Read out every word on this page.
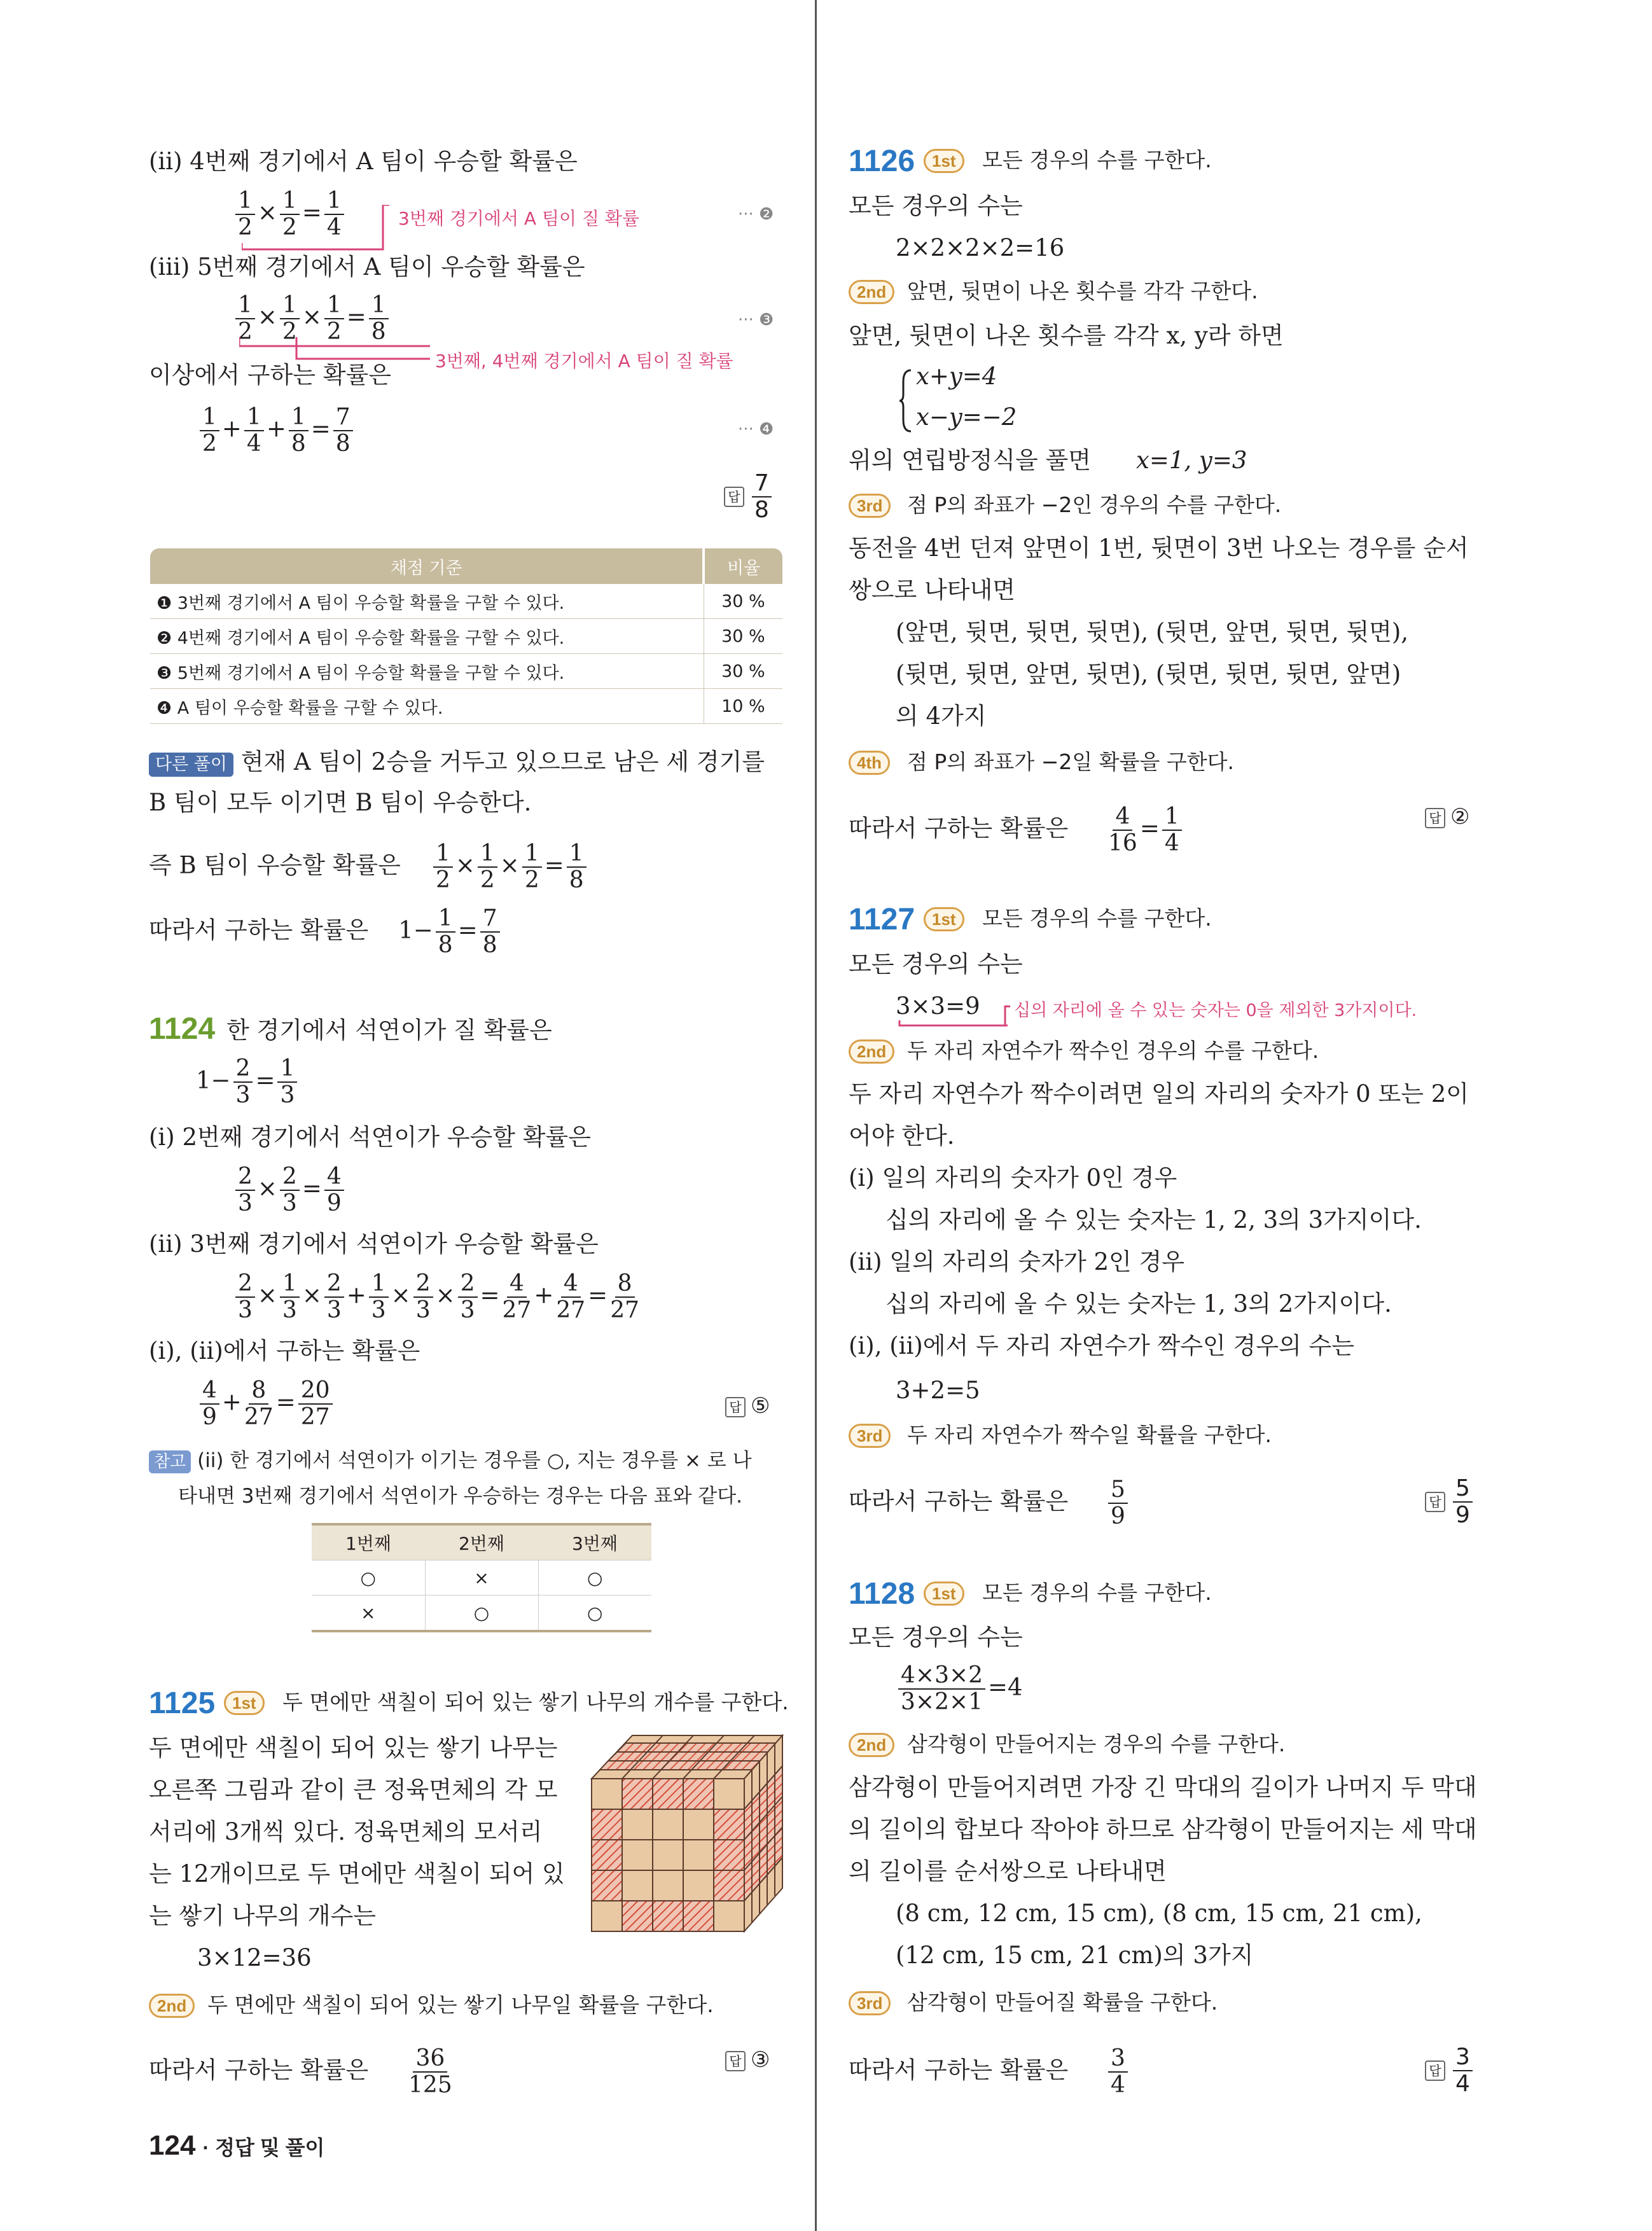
(ii) 4번째 경기에서 A 팀이 우승할 확률은
$\frac{1}{2} \times \frac{1}{2} = \frac{1}{4}$	3번째 경기에서 A 팀이 질 확률	··· ❷
(iii) 5번째 경기에서 A 팀이 우승할 확률은
$\frac{1}{2} \times \frac{1}{2} \times \frac{1}{2} = \frac{1}{8}$
3번째, 4번째 경기에서 A 팀이 질 확률
··· ❸
이상에서 구하는 확률은
$\frac{1}{2} + \frac{1}{4} + \frac{1}{8} = \frac{7}{8}$	··· ❹
답 $\frac{7}{8}$
채점 기준	비율
❶ 3번째 경기에서 A 팀이 우승할 확률을 구할 수 있다.	30 %
❷ 4번째 경기에서 A 팀이 우승할 확률을 구할 수 있다.	30 %
❸ 5번째 경기에서 A 팀이 우승할 확률을 구할 수 있다.	30 %
❹ A 팀이 우승할 확률을 구할 수 있다.	10 %
다른 풀이 현재 A 팀이 2승을 거두고 있으므로 남은 세 경기를
B 팀이 모두 이기면 B 팀이 우승한다.
즉 B 팀이 우승할 확률은 $\frac{1}{2} \times \frac{1}{2} \times \frac{1}{2} = \frac{1}{8}$
따라서 구하는 확률은 $1- \frac{1}{8} = \frac{7}{8}$
1124 한 경기에서 석연이가 질 확률은
$1- \frac{2}{3} = \frac{1}{3}$
(i) 2번째 경기에서 석연이가 우승할 확률은
$\frac{2}{3} \times \frac{2}{3} = \frac{4}{9}$
(ii) 3번째 경기에서 석연이가 우승할 확률은
$\frac{2}{3} \times \frac{1}{3} \times \frac{2}{3} + \frac{1}{3} \times \frac{2}{3} \times \frac{2}{3} = \frac{4}{27} + \frac{4}{27} = \frac{8}{27}$
(i), (ii)에서 구하는 확률은
$\frac{4}{9} + \frac{8}{27} = \frac{20}{27}$	답 ⑤
참고 (ii) 한 경기에서 석연이가 이기는 경우를 ○, 지는 경우를 × 로 나
타내면 3번째 경기에서 석연이가 우승하는 경우는 다음 표와 같다.
1번째	2번째	3번째
○	×	○
×	○	○
1125	1st	두 면에만 색칠이 되어 있는 쌓기 나무의 개수를 구한다.
두 면에만 색칠이 되어 있는 쌓기 나무는
오른쪽 그림과 같이 큰 정육면체의 각 모
서리에 3개씩 있다. 정육면체의 모서리
는 12개이므로 두 면에만 색칠이 되어 있
는 쌓기 나무의 개수는
3×12=36
2nd 두 면에만 색칠이 되어 있는 쌓기 나무일 확률을 구한다.
따라서 구하는 확률은 $\frac{36}{125}$	답 ③
1126	1st	모든 경우의 수를 구한다.
모든 경우의 수는
2×2×2×2=16
2nd 앞면, 뒷면이 나온 횟수를 각각 구한다.
앞면, 뒷면이 나온 횟수를 각각 x, y라 하면
x+y=4
x−y=−2
위의 연립방정식을 풀면 x=1, y=3
3rd	점 P의 좌표가 −2인 경우의 수를 구한다.
동전을 4번 던져 앞면이 1번, 뒷면이 3번 나오는 경우를 순서
쌍으로 나타내면
(앞면, 뒷면, 뒷면, 뒷면), (뒷면, 앞면, 뒷면, 뒷면),
(뒷면, 뒷면, 앞면, 뒷면), (뒷면, 뒷면, 뒷면, 앞면)
의 4가지
4th	점 P의 좌표가 −2일 확률을 구한다.
따라서 구하는 확률은 $\frac{4}{16} = \frac{1}{4}$	답 ②
1127	1st	모든 경우의 수를 구한다.
모든 경우의 수는
3×3=9 십의 자리에 올 수 있는 숫자는 0을 제외한 3가지이다.
2nd 두 자리 자연수가 짝수인 경우의 수를 구한다.
두 자리 자연수가 짝수이려면 일의 자리의 숫자가 0 또는 2이
어야 한다.
(i) 일의 자리의 숫자가 0인 경우
십의 자리에 올 수 있는 숫자는 1, 2, 3의 3가지이다.
(ii) 일의 자리의 숫자가 2인 경우
십의 자리에 올 수 있는 숫자는 1, 3의 2가지이다.
(i), (ii)에서 두 자리 자연수가 짝수인 경우의 수는
3+2=5
3rd	두 자리 자연수가 짝수일 확률을 구한다.
따라서 구하는 확률은 $\frac{5}{9}$	답 $\frac{5}{9}$
1128	1st	모든 경우의 수를 구한다.
모든 경우의 수는
$\frac{4\times 3\times 2}{3\times 2\times 1} =4$
2nd 삼각형이 만들어지는 경우의 수를 구한다.
삼각형이 만들어지려면 가장 긴 막대의 길이가 나머지 두 막대
의 길이의 합보다 작아야 하므로 삼각형이 만들어지는 세 막대
의 길이를 순서쌍으로 나타내면
(8 cm, 12 cm, 15 cm), (8 cm, 15 cm, 21 cm),
(12 cm, 15 cm, 21 cm)의 3가지
3rd	삼각형이 만들어질 확률을 구한다.
따라서 구하는 확률은 $\frac{3}{4}$	답 $\frac{3}{4}$
124 · 정답 및 풀이
